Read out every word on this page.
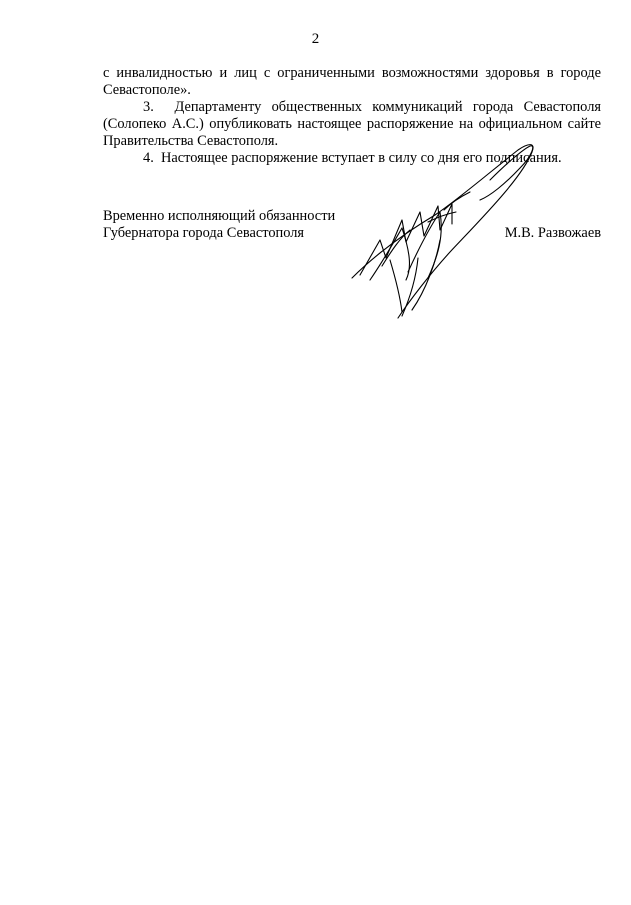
2

с инвалидностью и лиц с ограниченными возможностями здоровья в городе Севастополе».

3.  Департаменту общественных коммуникаций города Севастополя (Солопеко А.С.) опубликовать настоящее распоряжение на официальном сайте Правительства Севастополя.

4.  Настоящее распоряжение вступает в силу со дня его подписания.

Временно исполняющий обязанности
Губернатора города Севастополя	М.В. Развожаев
